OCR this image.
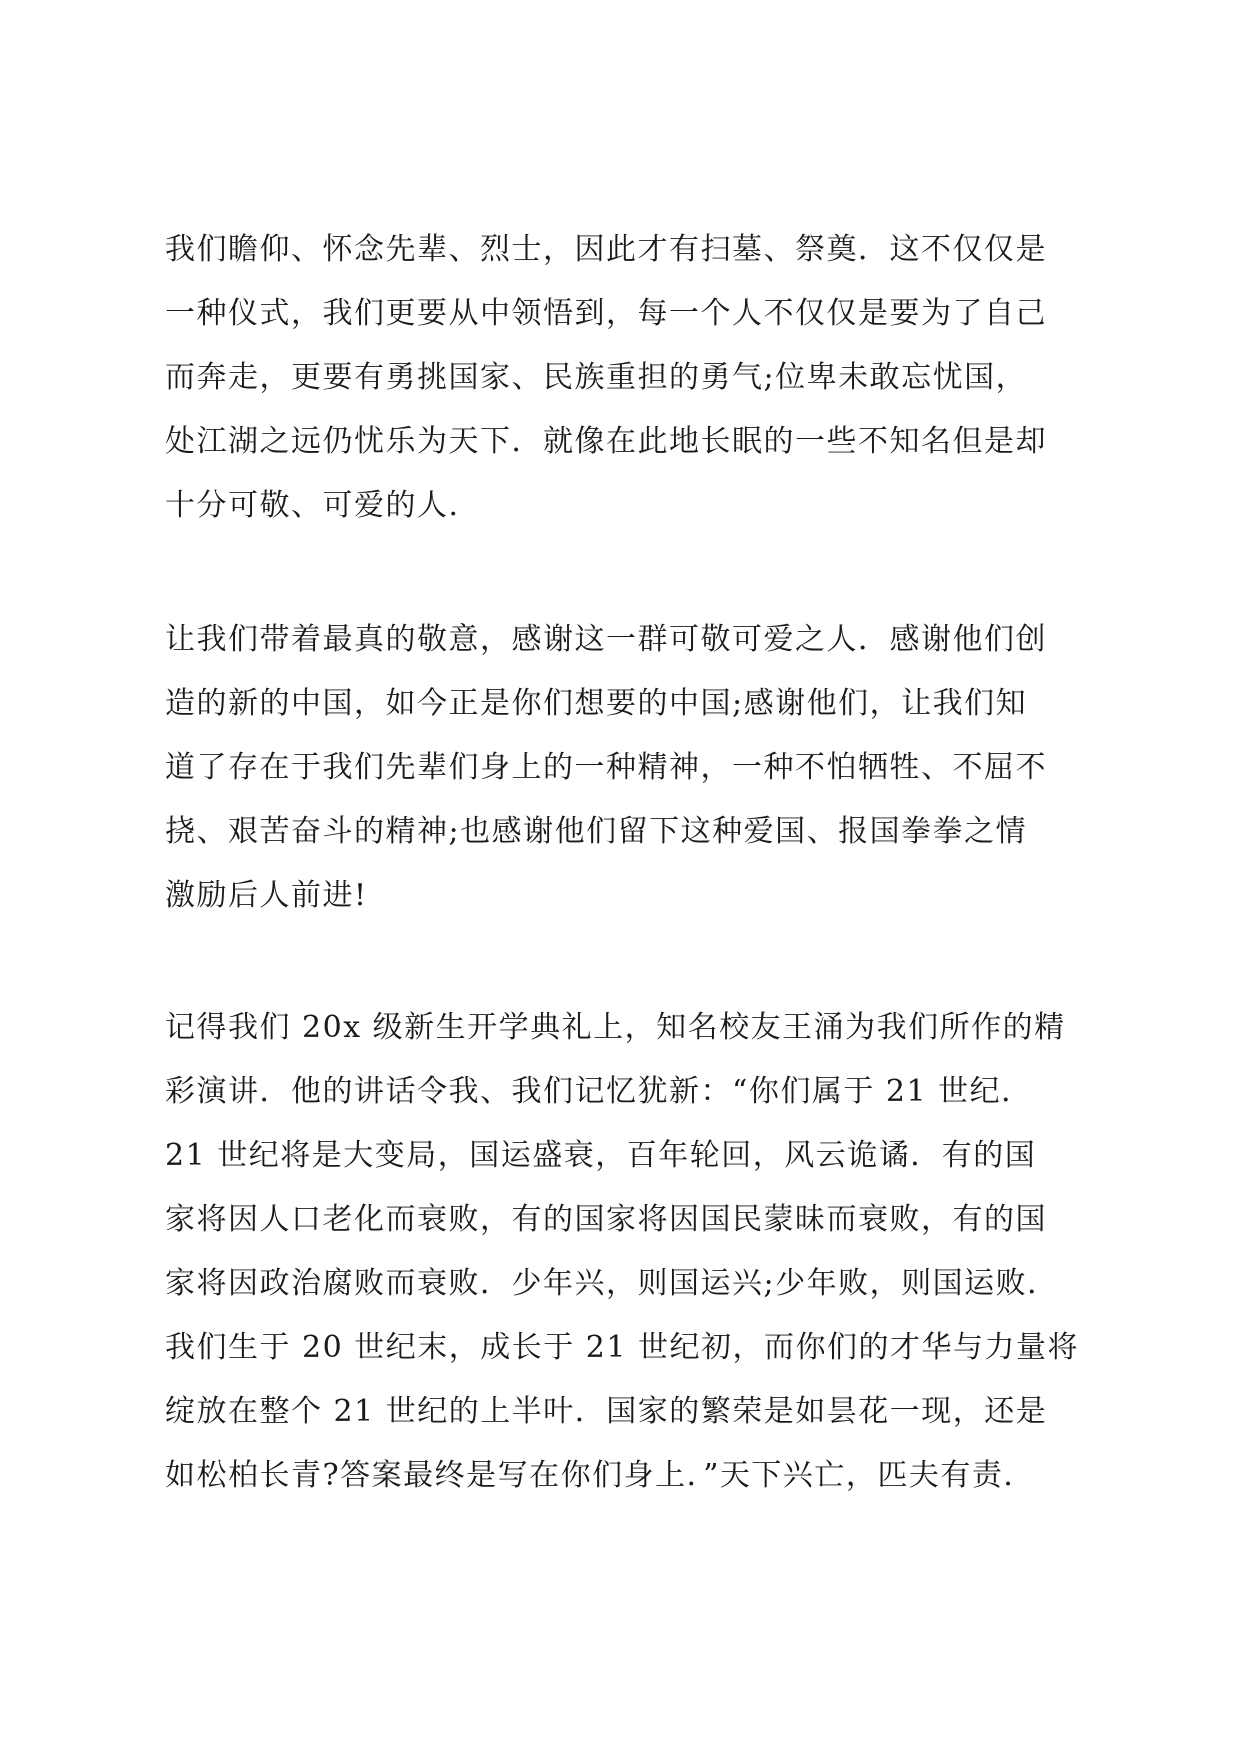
我们瞻仰、怀念先辈、烈士，因此才有扫墓、祭奠．这不仅仅是
一种仪式，我们更要从中领悟到，每一个人不仅仅是要为了自己
而奔走，更要有勇挑国家、民族重担的勇气;位卑未敢忘忧国，
处江湖之远仍忧乐为天下．就像在此地长眠的一些不知名但是却
十分可敬、可爱的人.
让我们带着最真的敬意，感谢这一群可敬可爱之人．感谢他们创
造的新的中国，如今正是你们想要的中国;感谢他们，让我们知
道了存在于我们先辈们身上的一种精神，一种不怕牺牲、不屈不
挠、艰苦奋斗的精神;也感谢他们留下这种爱国、报国拳拳之情
激励后人前进!
记得我们 20x 级新生开学典礼上，知名校友王涌为我们所作的精
彩演讲．他的讲话令我、我们记忆犹新：“你们属于 21 世纪．
21 世纪将是大变局，国运盛衰，百年轮回，风云诡谲．有的国
家将因人口老化而衰败，有的国家将因国民蒙昧而衰败，有的国
家将因政治腐败而衰败．少年兴，则国运兴;少年败，则国运败．
我们生于 20 世纪末，成长于 21 世纪初，而你们的才华与力量将
绽放在整个 21 世纪的上半叶．国家的繁荣是如昙花一现，还是
如松柏长青?答案最终是写在你们身上．”天下兴亡，匹夫有责．
